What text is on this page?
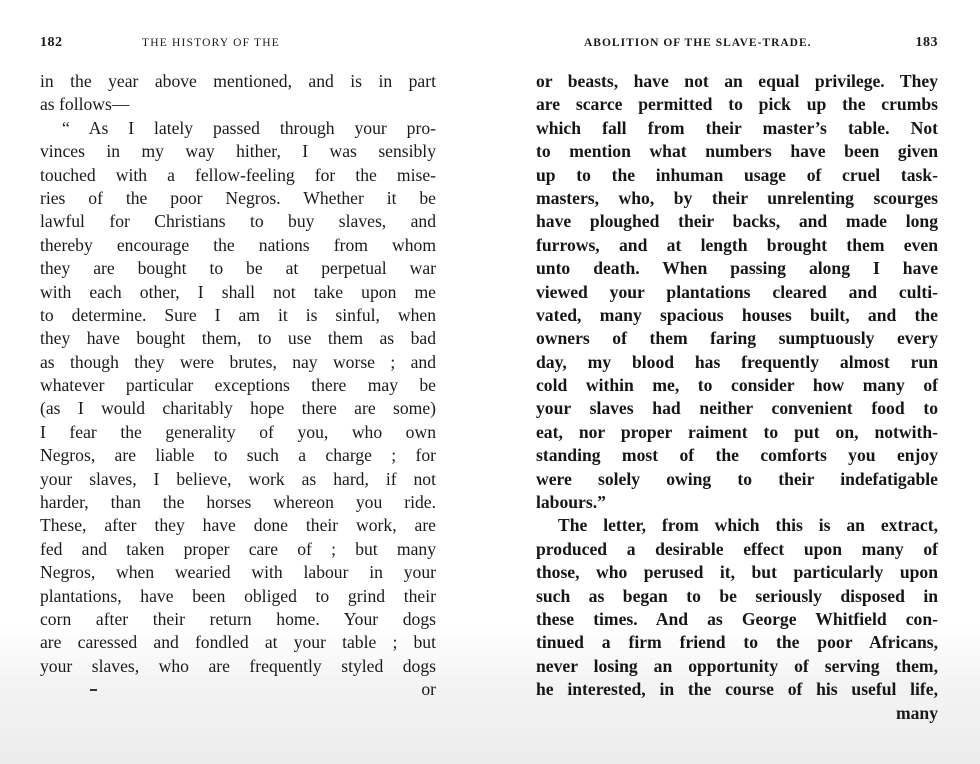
182	THE HISTORY OF THE
in the year above mentioned, and is in part
as follows—
“ As I lately passed through your pro-
vinces in my way hither, I was sensibly
touched with a fellow-feeling for the mise-
ries of the poor Negros. Whether it be
lawful for Christians to buy slaves, and
thereby encourage the nations from whom
they are bought to be at perpetual war
with each other, I shall not take upon me
to determine. Sure I am it is sinful, when
they have bought them, to use them as bad
as though they were brutes, nay worse ; and
whatever particular exceptions there may be
(as I would charitably hope there are some)
I fear the generality of you, who own
Negros, are liable to such a charge ; for
your slaves, I believe, work as hard, if not
harder, than the horses whereon you ride.
These, after they have done their work, are
fed and taken proper care of ; but many
Negros, when wearied with labour in your
plantations, have been obliged to grind their
corn after their return home. Your dogs
are caressed and fondled at your table ; but
your slaves, who are frequently styled dogs
or
ABOLITION OF THE SLAVE-TRADE.	183
or beasts, have not an equal privilege. They
are scarce permitted to pick up the crumbs
which fall from their master’s table. Not
to mention what numbers have been given
up to the inhuman usage of cruel task-
masters, who, by their unrelenting scourges
have ploughed their backs, and made long
furrows, and at length brought them even
unto death. When passing along I have
viewed your plantations cleared and culti-
vated, many spacious houses built, and the
owners of them faring sumptuously every
day, my blood has frequently almost run
cold within me, to consider how many of
your slaves had neither convenient food to
eat, nor proper raiment to put on, notwith-
standing most of the comforts you enjoy
were solely owing to their indefatigable
labours.”
The letter, from which this is an extract,
produced a desirable effect upon many of
those, who perused it, but particularly upon
such as began to be seriously disposed in
these times. And as George Whitfield con-
tinued a firm friend to the poor Africans,
never losing an opportunity of serving them,
he interested, in the course of his useful life,
many
